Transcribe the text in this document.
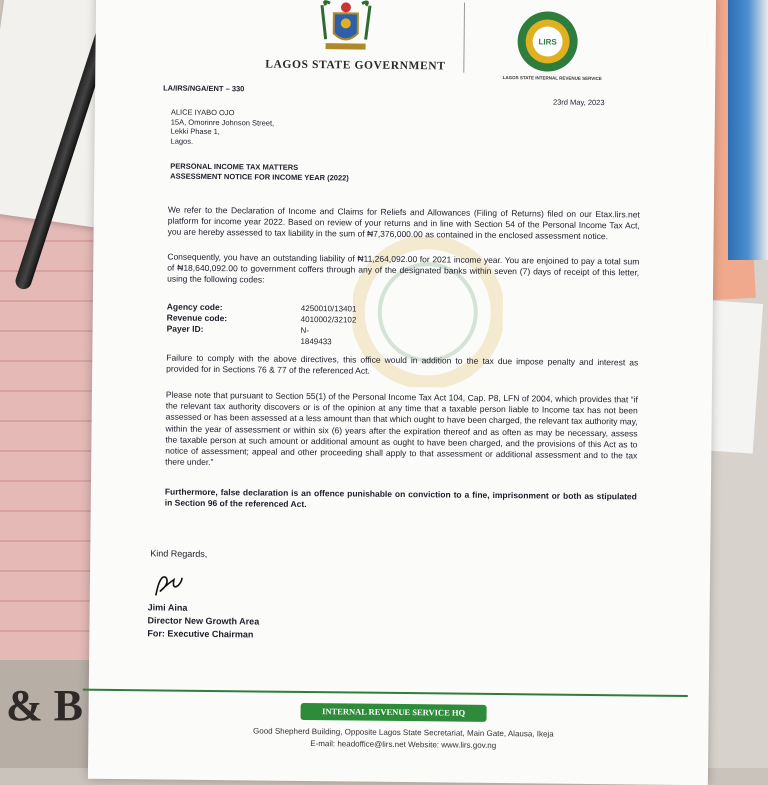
& B
LAGOS STATE GOVERNMENT
LIRS
LAGOS STATE INTERNAL REVENUE SERVICE
LA/IRS/NGA/ENT – 330
23rd May, 2023
ALICE IYABO OJO
15A, Omorinre Johnson Street,
Lekki Phase 1,
Lagos.
PERSONAL INCOME TAX MATTERS
ASSESSMENT NOTICE FOR INCOME YEAR (2022)
We refer to the Declaration of Income and Claims for Reliefs and Allowances (Filing of Returns) filed on our Etax.lirs.net platform for income year 2022. Based on review of your returns and in line with Section 54 of the Personal Income Tax Act, you are hereby assessed to tax liability in the sum of ₦7,376,000.00 as contained in the enclosed assessment notice.
Consequently, you have an outstanding liability of ₦11,264,092.00 for 2021 income year. You are enjoined to pay a total sum of ₦18,640,092.00 to government coffers through any of the designated banks within seven (7) days of receipt of this letter, using the following codes:
Agency code:	4250010/13401
Revenue code:	4010002/32102
Payer ID:	N-1849433
Failure to comply with the above directives, this office would in addition to the tax due impose penalty and interest as provided for in Sections 76 & 77 of the referenced Act.
Please note that pursuant to Section 55(1) of the Personal Income Tax Act 104, Cap. P8, LFN of 2004, which provides that “if the relevant tax authority discovers or is of the opinion at any time that a taxable person liable to Income tax has not been assessed or has been assessed at a less amount than that which ought to have been charged, the relevant tax authority may, within the year of assessment or within six (6) years after the expiration thereof and as often as may be necessary, assess the taxable person at such amount or additional amount as ought to have been charged, and the provisions of this Act as to notice of assessment; appeal and other proceeding shall apply to that assessment or additional assessment and to the tax there under.”
Furthermore, false declaration is an offence punishable on conviction to a fine, imprisonment or both as stipulated in Section 96 of the referenced Act.
Kind Regards,
Jimi Aina
Director New Growth Area
For: Executive Chairman
INTERNAL REVENUE SERVICE HQ
Good Shepherd Building, Opposite Lagos State Secretariat, Main Gate, Alausa, Ikeja
E-mail: headoffice@lirs.net Website: www.lirs.gov.ng
